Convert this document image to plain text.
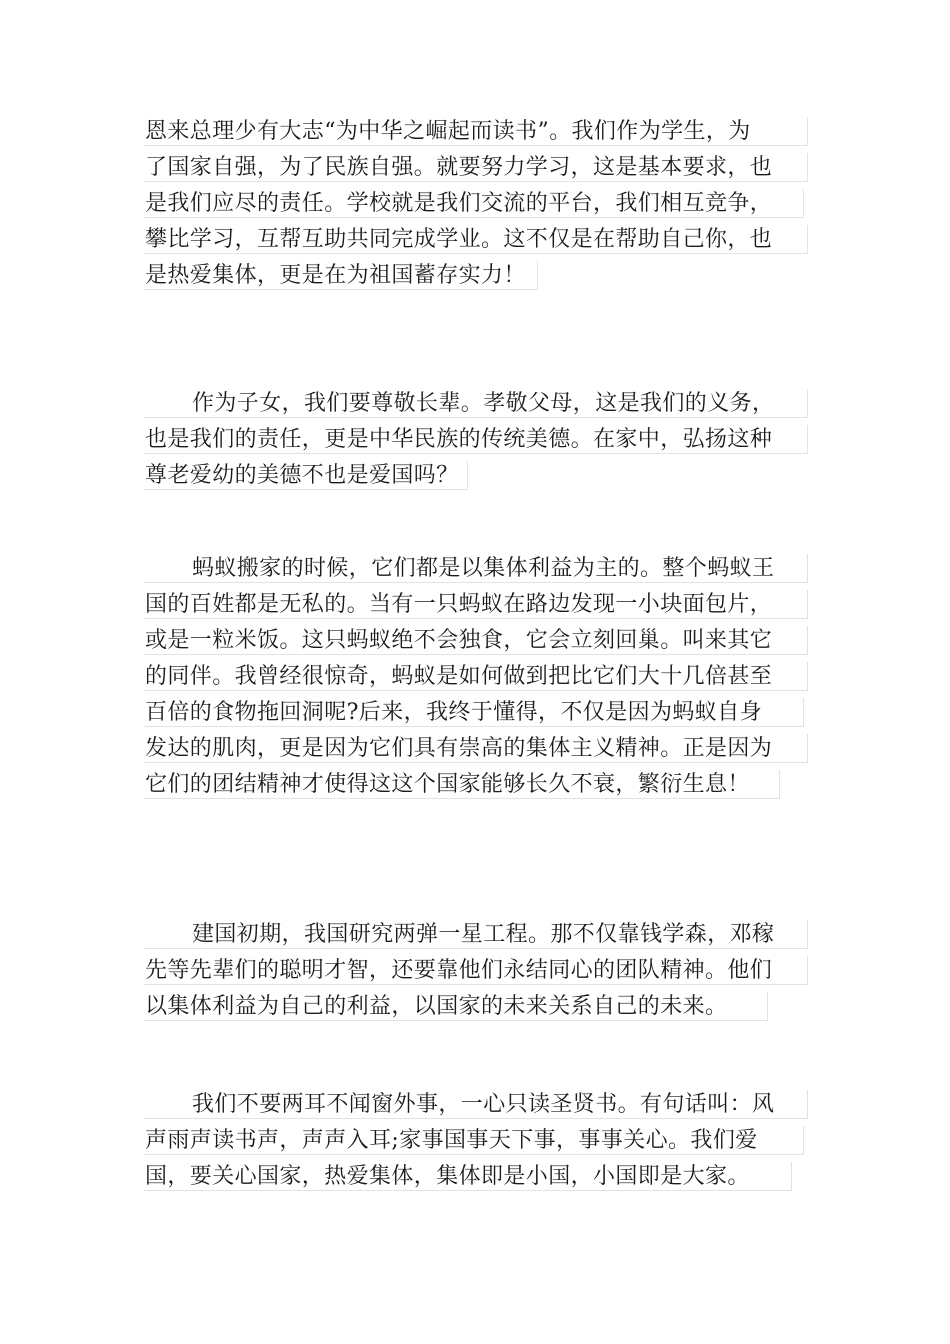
恩来总理少有大志“为中华之崛起而读书”。我们作为学生，为
了国家自强，为了民族自强。就要努力学习，这是基本要求，也
是我们应尽的责任。学校就是我们交流的平台，我们相互竞争，
攀比学习，互帮互助共同完成学业。这不仅是在帮助自己你，也
是热爱集体，更是在为祖国蓄存实力！
作为子女，我们要尊敬长辈。孝敬父母，这是我们的义务，
也是我们的责任，更是中华民族的传统美德。在家中，弘扬这种
尊老爱幼的美德不也是爱国吗？
蚂蚁搬家的时候，它们都是以集体利益为主的。整个蚂蚁王
国的百姓都是无私的。当有一只蚂蚁在路边发现一小块面包片，
或是一粒米饭。这只蚂蚁绝不会独食，它会立刻回巢。叫来其它
的同伴。我曾经很惊奇，蚂蚁是如何做到把比它们大十几倍甚至
百倍的食物拖回洞呢?后来，我终于懂得，不仅是因为蚂蚁自身
发达的肌肉，更是因为它们具有崇高的集体主义精神。正是因为
它们的团结精神才使得这这个国家能够长久不衰，繁衍生息！
建国初期，我国研究两弹一星工程。那不仅靠钱学森，邓稼
先等先辈们的聪明才智，还要靠他们永结同心的团队精神。他们
以集体利益为自己的利益，以国家的未来关系自己的未来。
我们不要两耳不闻窗外事，一心只读圣贤书。有句话叫：风
声雨声读书声，声声入耳;家事国事天下事，事事关心。我们爱
国，要关心国家，热爱集体，集体即是小国，小国即是大家。
